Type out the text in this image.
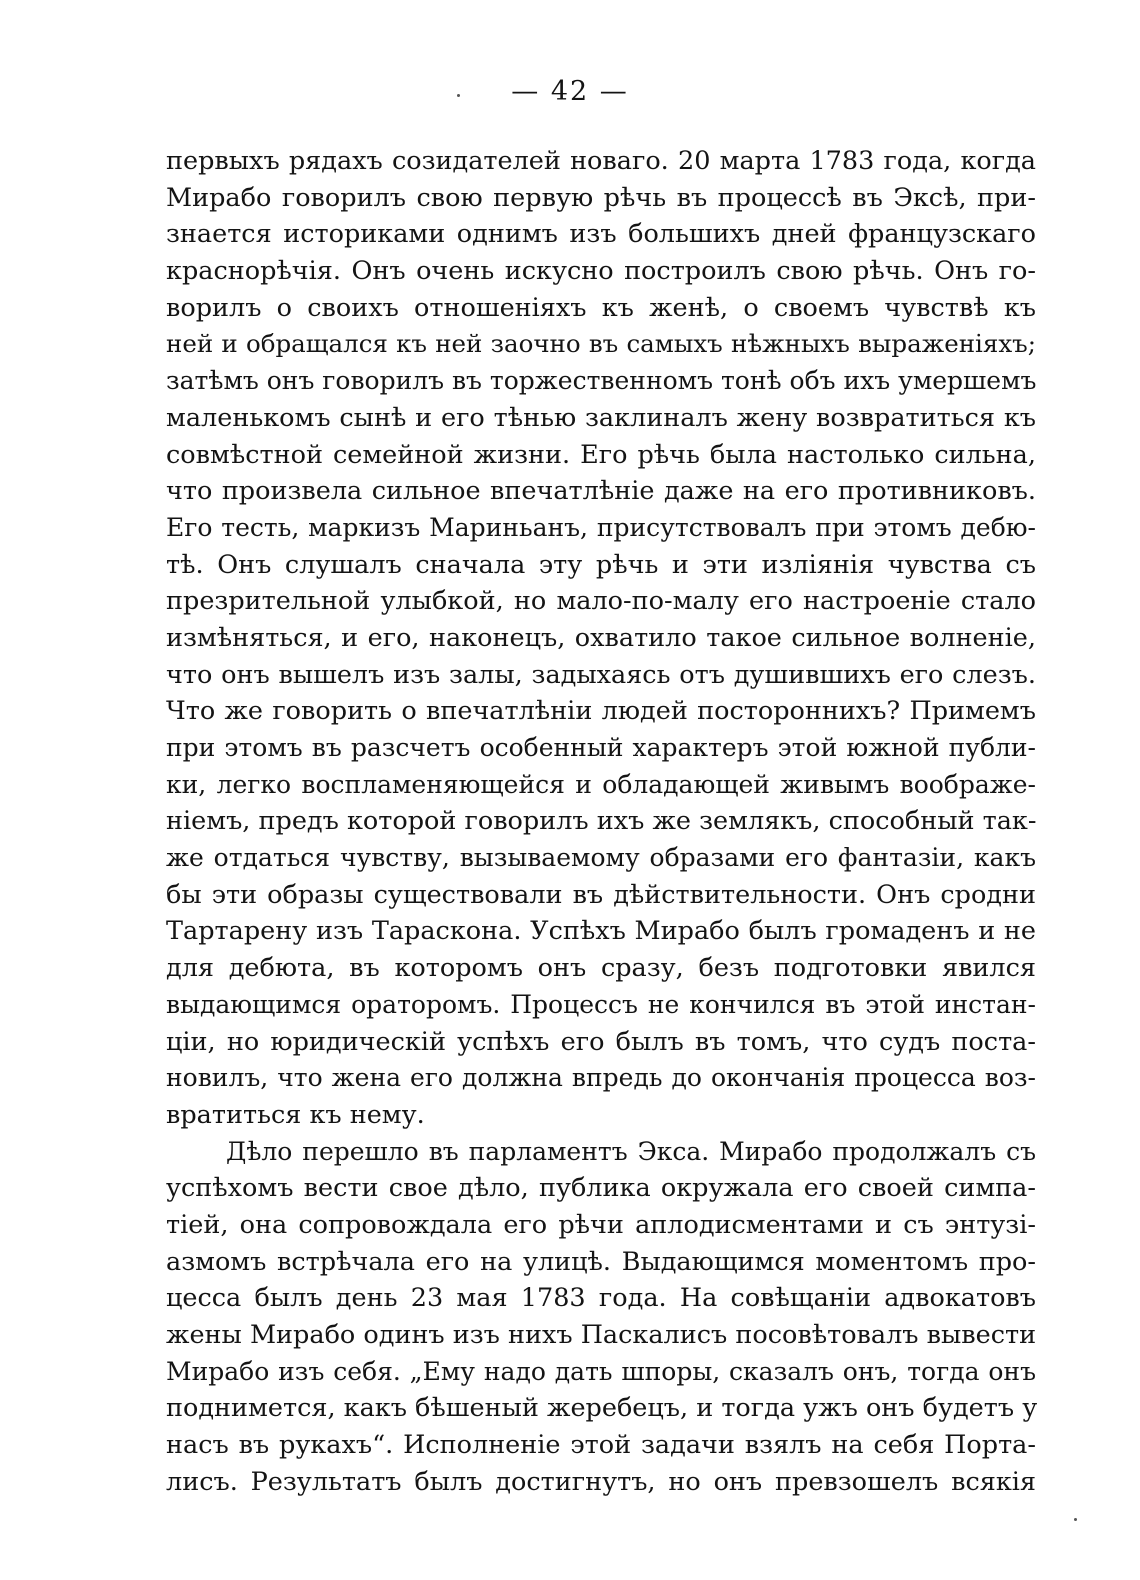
— 42 —
первыхъ рядахъ созидателей новаго. 20 марта 1783 года, когда
Мирабо говорилъ свою первую рѣчь въ процессѣ въ Эксѣ, при-
знается историками однимъ изъ большихъ дней французскаго
краснорѣчія. Онъ очень искусно построилъ свою рѣчь. Онъ го-
ворилъ о своихъ отношеніяхъ къ женѣ, о своемъ чувствѣ къ
ней и обращался къ ней заочно въ самыхъ нѣжныхъ выраженіяхъ;
затѣмъ онъ говорилъ въ торжественномъ тонѣ объ ихъ умершемъ
маленькомъ сынѣ и его тѣнью заклиналъ жену возвратиться къ
совмѣстной семейной жизни. Его рѣчь была настолько сильна,
что произвела сильное впечатлѣніе даже на его противниковъ.
Его тесть, маркизъ Мариньанъ, присутствовалъ при этомъ дебю-
тѣ. Онъ слушалъ сначала эту рѣчь и эти изліянія чувства съ
презрительной улыбкой, но мало-по-малу его настроеніе стало
измѣняться, и его, наконецъ, охватило такое сильное волненіе,
что онъ вышелъ изъ залы, задыхаясь отъ душившихъ его слезъ.
Что же говорить о впечатлѣніи людей постороннихъ? Примемъ
при этомъ въ разсчетъ особенный характеръ этой южной публи-
ки, легко воспламеняющейся и обладающей живымъ воображе-
ніемъ, предъ которой говорилъ ихъ же землякъ, способный так-
же отдаться чувству, вызываемому образами его фантазіи, какъ
бы эти образы существовали въ дѣйствительности. Онъ сродни
Тартарену изъ Тараскона. Успѣхъ Мирабо былъ громаденъ и не
для дебюта, въ которомъ онъ сразу, безъ подготовки явился
выдающимся ораторомъ. Процессъ не кончился въ этой инстан-
ціи, но юридическій успѣхъ его былъ въ томъ, что судъ поста-
новилъ, что жена его должна впредь до окончанія процесса воз-
вратиться къ нему.
Дѣло перешло въ парламентъ Экса. Мирабо продолжалъ съ
успѣхомъ вести свое дѣло, публика окружала его своей симпа-
тіей, она сопровождала его рѣчи аплодисментами и съ энтузі-
азмомъ встрѣчала его на улицѣ. Выдающимся моментомъ про-
цесса былъ день 23 мая 1783 года. На совѣщаніи адвокатовъ
жены Мирабо одинъ изъ нихъ Паскалисъ посовѣтовалъ вывести
Мирабо изъ себя. „Ему надо дать шпоры, сказалъ онъ, тогда онъ
поднимется, какъ бѣшеный жеребецъ, и тогда ужъ онъ будетъ у
насъ въ рукахъ“. Исполненіе этой задачи взялъ на себя Порта-
лисъ. Результатъ былъ достигнутъ, но онъ превзошелъ всякія
